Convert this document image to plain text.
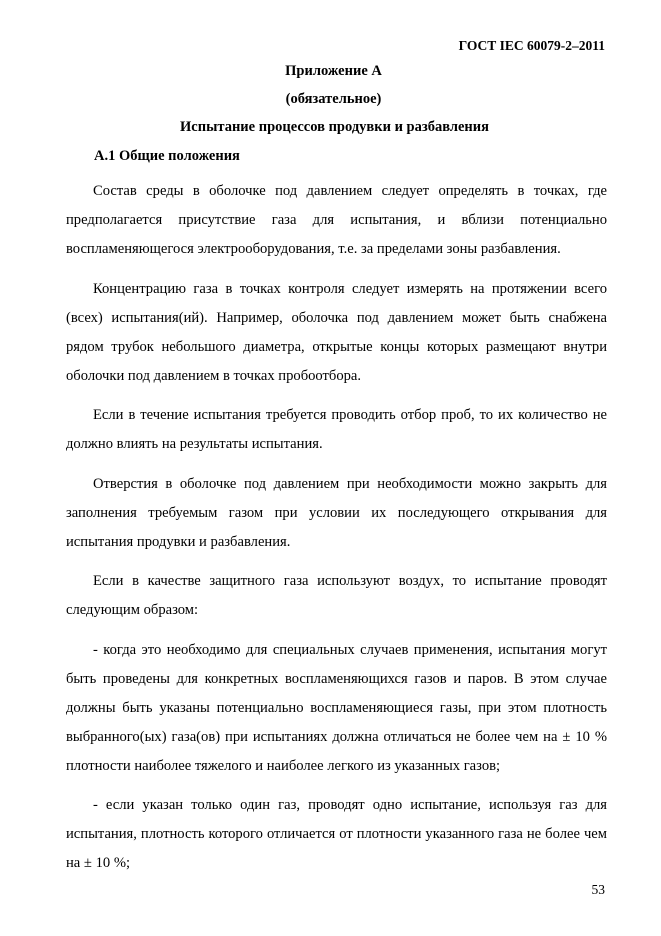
ГОСТ IEC 60079-2–2011
Приложение А
(обязательное)
Испытание процессов продувки и разбавления
А.1 Общие положения

Состав среды в оболочке под давлением следует определять в точках, где предполагается присутствие газа для испытания, и вблизи потенциально воспламеняющегося электрооборудования, т.е. за пределами зоны разбавления.

Концентрацию газа в точках контроля следует измерять на протяжении всего (всех) испытания(ий). Например, оболочка под давлением может быть снабжена рядом трубок небольшого диаметра, открытые концы которых размещают внутри оболочки под давлением в точках пробоотбора.

Если в течение испытания требуется проводить отбор проб, то их количество не должно влиять на результаты испытания.

Отверстия в оболочке под давлением при необходимости можно закрыть для заполнения требуемым газом при условии их последующего открывания для испытания продувки и разбавления.

Если в качестве защитного газа используют воздух, то испытание проводят следующим образом:

- когда это необходимо для специальных случаев применения, испытания могут быть проведены для конкретных воспламеняющихся газов и паров. В этом случае должны быть указаны потенциально воспламеняющиеся газы, при этом плотность выбранного(ых) газа(ов) при испытаниях должна отличаться не более чем на ± 10 % плотности наиболее тяжелого и наиболее легкого из указанных газов;

- если указан только один газ, проводят одно испытание, используя газ для испытания, плотность которого отличается от плотности указанного газа не более чем на ± 10 %;

53
